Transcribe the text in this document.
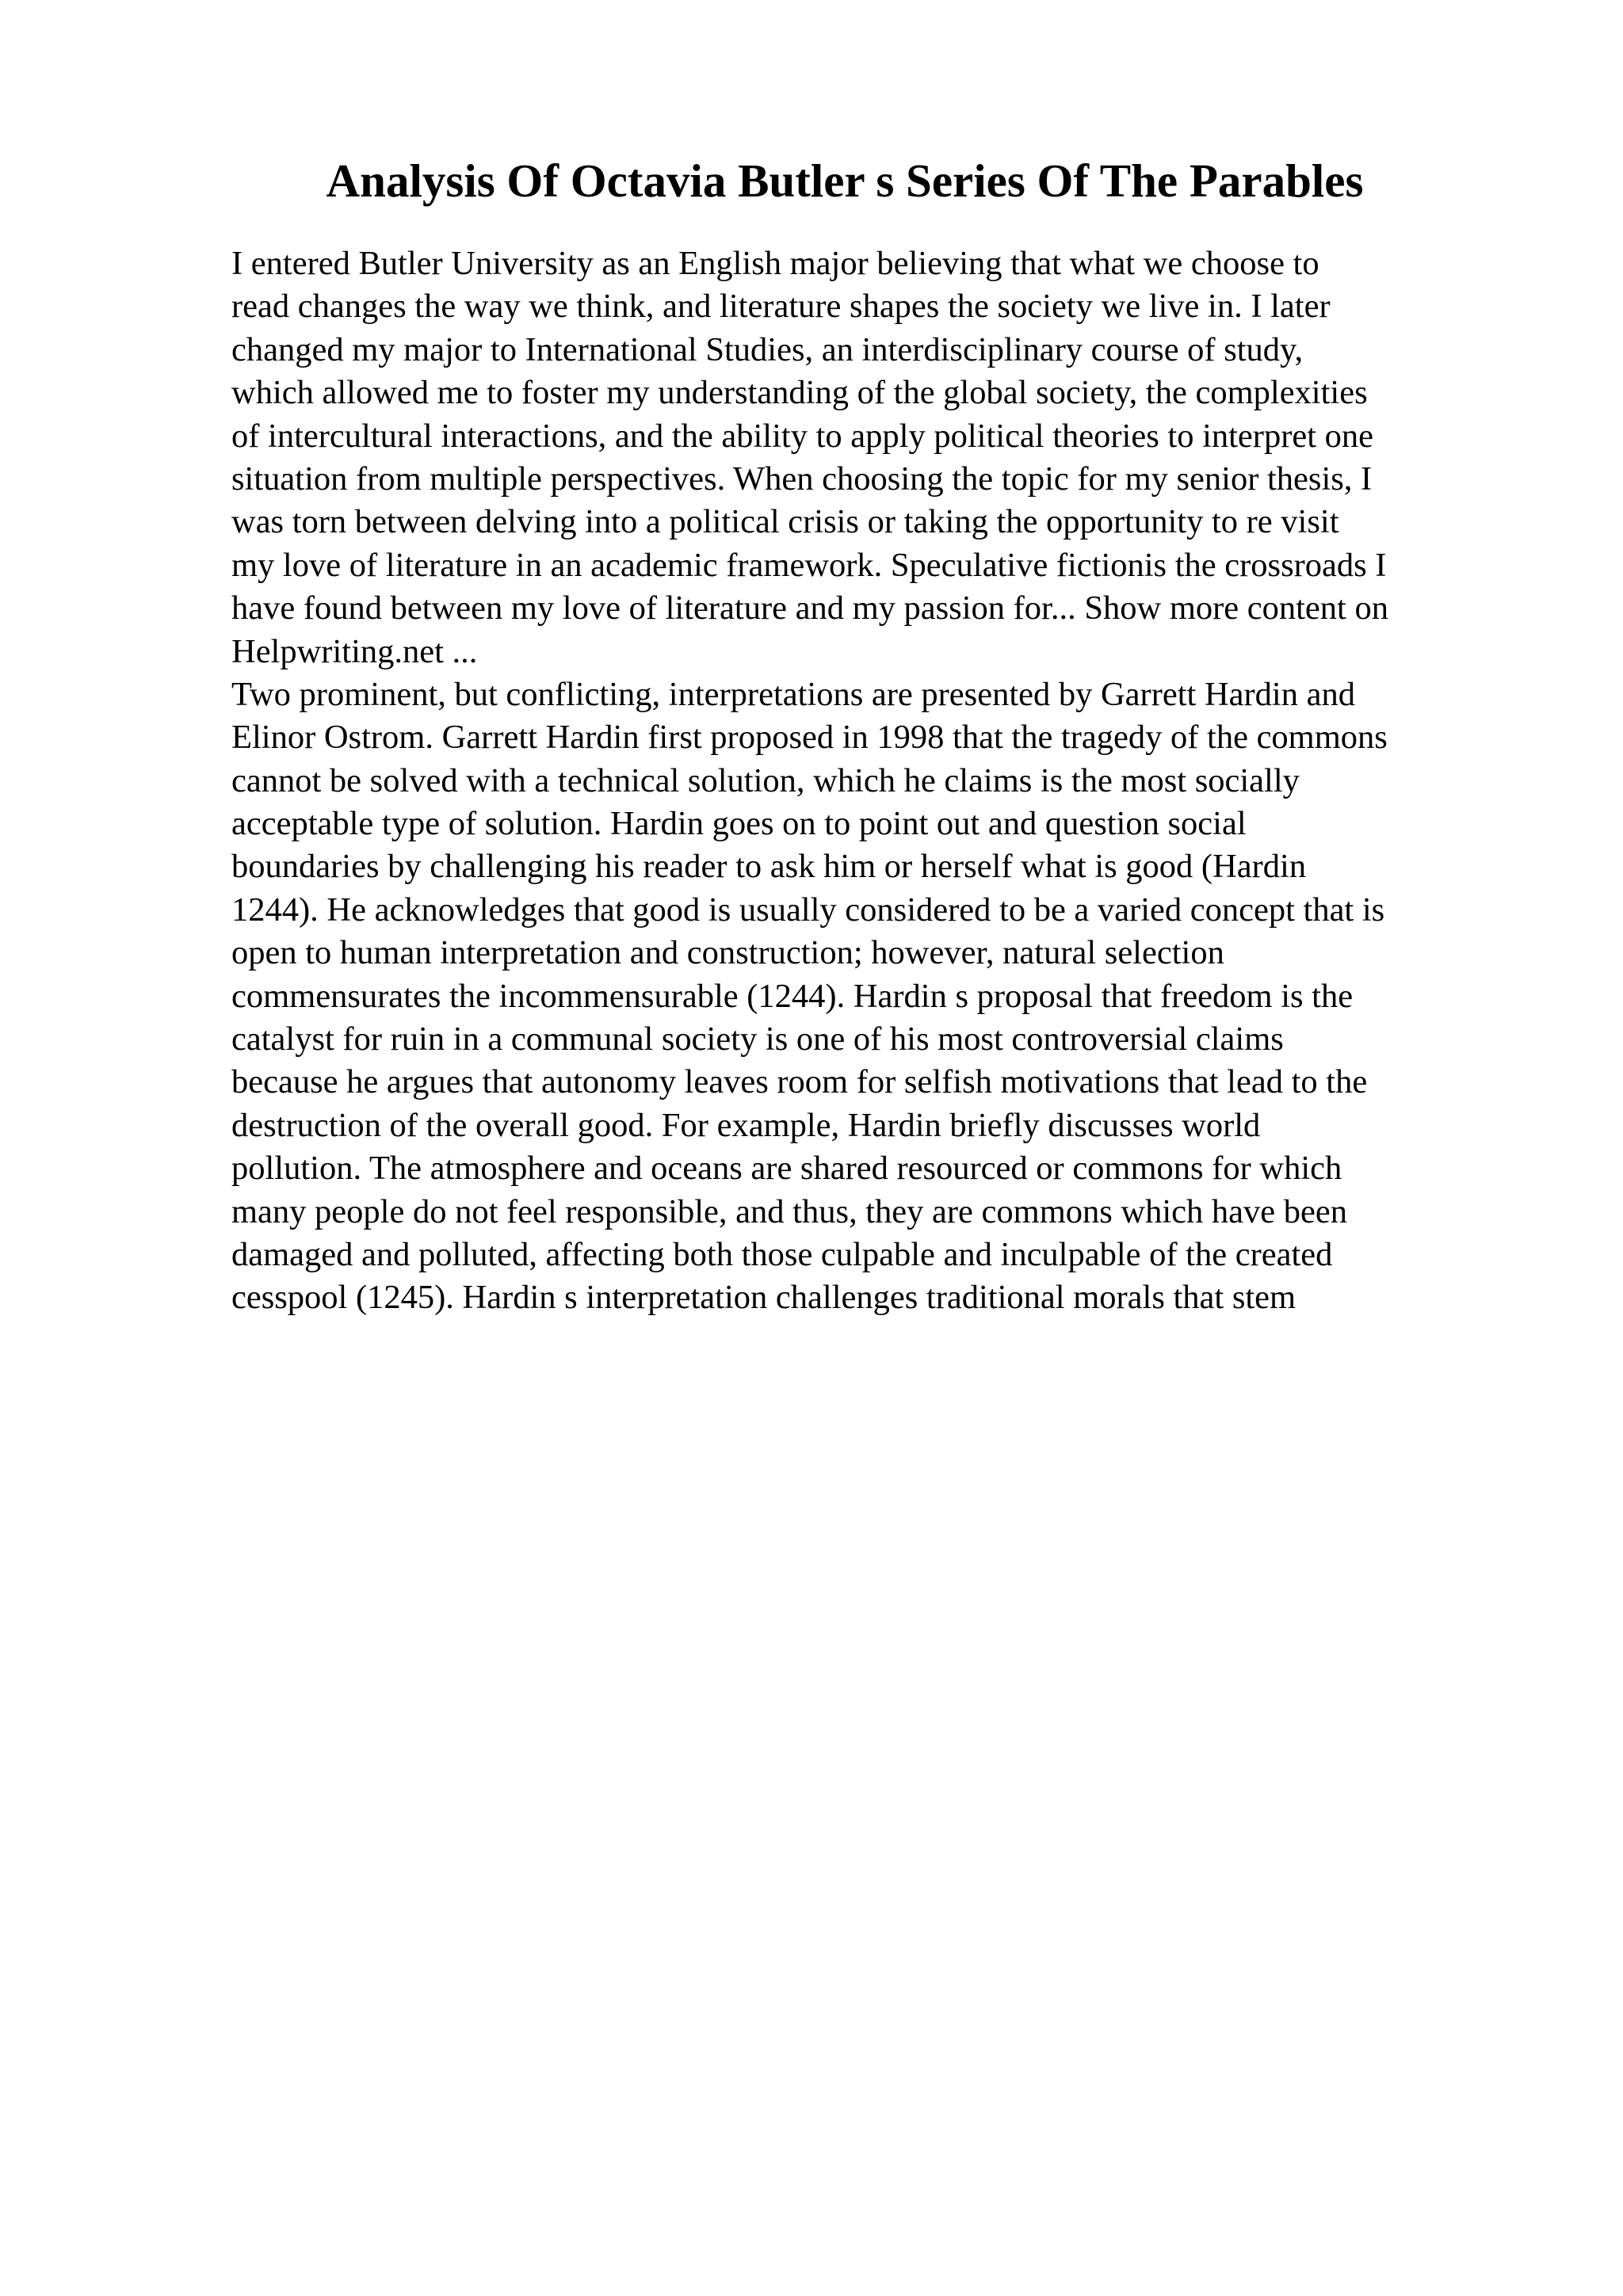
Analysis Of Octavia Butler s Series Of The Parables
I entered Butler University as an English major believing that what we choose to
read changes the way we think, and literature shapes the society we live in. I later
changed my major to International Studies, an interdisciplinary course of study,
which allowed me to foster my understanding of the global society, the complexities
of intercultural interactions, and the ability to apply political theories to interpret one
situation from multiple perspectives. When choosing the topic for my senior thesis, I
was torn between delving into a political crisis or taking the opportunity to re visit
my love of literature in an academic framework. Speculative fictionis the crossroads I
have found between my love of literature and my passion for... Show more content on
Helpwriting.net ...
Two prominent, but conflicting, interpretations are presented by Garrett Hardin and
Elinor Ostrom. Garrett Hardin first proposed in 1998 that the tragedy of the commons
cannot be solved with a technical solution, which he claims is the most socially
acceptable type of solution. Hardin goes on to point out and question social
boundaries by challenging his reader to ask him or herself what is good (Hardin
1244). He acknowledges that good is usually considered to be a varied concept that is
open to human interpretation and construction; however, natural selection
commensurates the incommensurable (1244). Hardin s proposal that freedom is the
catalyst for ruin in a communal society is one of his most controversial claims
because he argues that autonomy leaves room for selfish motivations that lead to the
destruction of the overall good. For example, Hardin briefly discusses world
pollution. The atmosphere and oceans are shared resourced or commons for which
many people do not feel responsible, and thus, they are commons which have been
damaged and polluted, affecting both those culpable and inculpable of the created
cesspool (1245). Hardin s interpretation challenges traditional morals that stem
